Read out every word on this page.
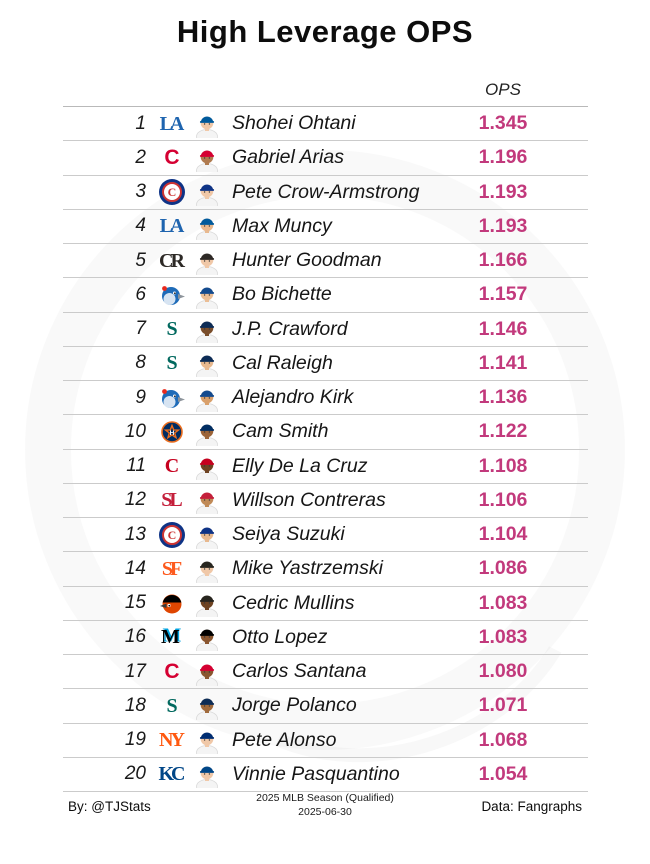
High Leverage OPS
OPS
1 LA	Shohei Ohtani	1.345
2 C	Gabriel Arias	1.196
3	C	Pete Crow-Armstrong	1.193
4 LA	Max Muncy	1.193
5 CR	Hunter Goodman	1.166
6	Bo Bichette	1.157
7 S	J.P. Crawford	1.146
8 S	Cal Raleigh	1.141
9	Alejandro Kirk	1.136
10	H	Cam Smith	1.122
11 C	Elly De La Cruz	1.108
12 SL	Willson Contreras	1.106
13	C	Seiya Suzuki	1.104
14 SF	Mike Yastrzemski	1.086
15	Cedric Mullins	1.083
16 M	Otto Lopez	1.083
17 C	Carlos Santana	1.080
18 S	Jorge Polanco	1.071
19 NY	Pete Alonso	1.068
20 KC	Vinnie Pasquantino	1.054
By: @TJStats
2025 MLB Season (Qualified)
2025-06-30	Data: Fangraphs
